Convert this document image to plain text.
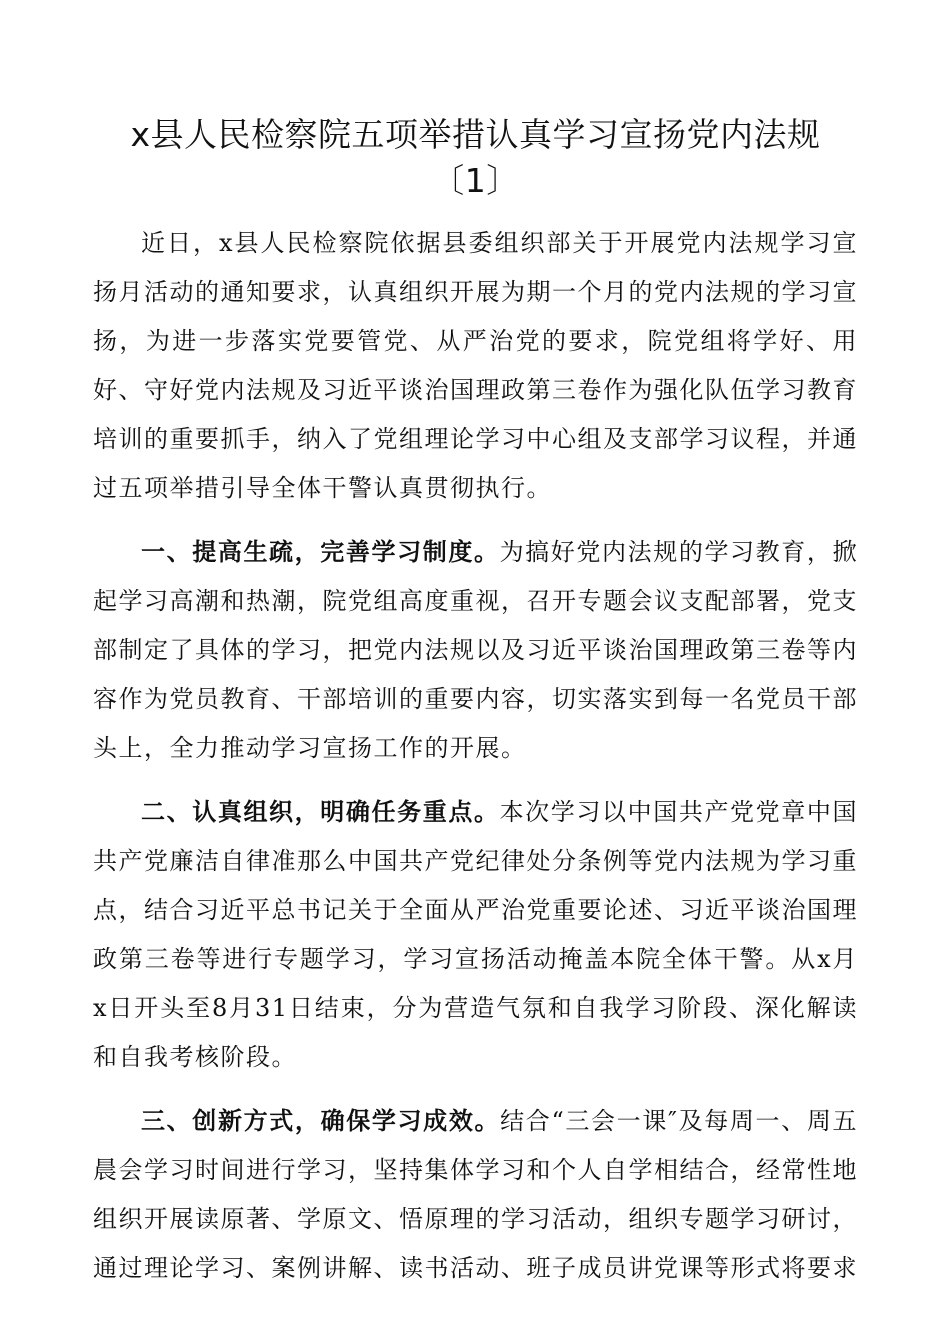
x县人民检察院五项举措认真学习宣扬党内法规
〔1〕

近日，x县人民检察院依据县委组织部关于开展党内法规学习宣扬月活动的通知要求，认真组织开展为期一个月的党内法规的学习宣扬，为进一步落实党要管党、从严治党的要求，院党组将学好、用好、守好党内法规及习近平谈治国理政第三卷作为强化队伍学习教育培训的重要抓手，纳入了党组理论学习中心组及支部学习议程，并通过五项举措引导全体干警认真贯彻执行。

一、提高生疏，完善学习制度。为搞好党内法规的学习教育，掀起学习高潮和热潮，院党组高度重视，召开专题会议支配部署，党支部制定了具体的学习，把党内法规以及习近平谈治国理政第三卷等内容作为党员教育、干部培训的重要内容，切实落实到每一名党员干部头上，全力推动学习宣扬工作的开展。

二、认真组织，明确任务重点。本次学习以中国共产党党章中国共产党廉洁自律准那么中国共产党纪律处分条例等党内法规为学习重点，结合习近平总书记关于全面从严治党重要论述、习近平谈治国理政第三卷等进行专题学习，学习宣扬活动掩盖本院全体干警。从x月x日开头至8月31日结束，分为营造气氛和自我学习阶段、深化解读和自我考核阶段。

三、创新方式，确保学习成效。结合“三会一课″及每周一、周五晨会学习时间进行学习，坚持集体学习和个人自学相结合，经常性地组织开展读原著、学原文、悟原理的学习活动，组织专题学习研讨，通过理论学习、案例讲解、读书活动、班子成员讲党课等形式将要求
